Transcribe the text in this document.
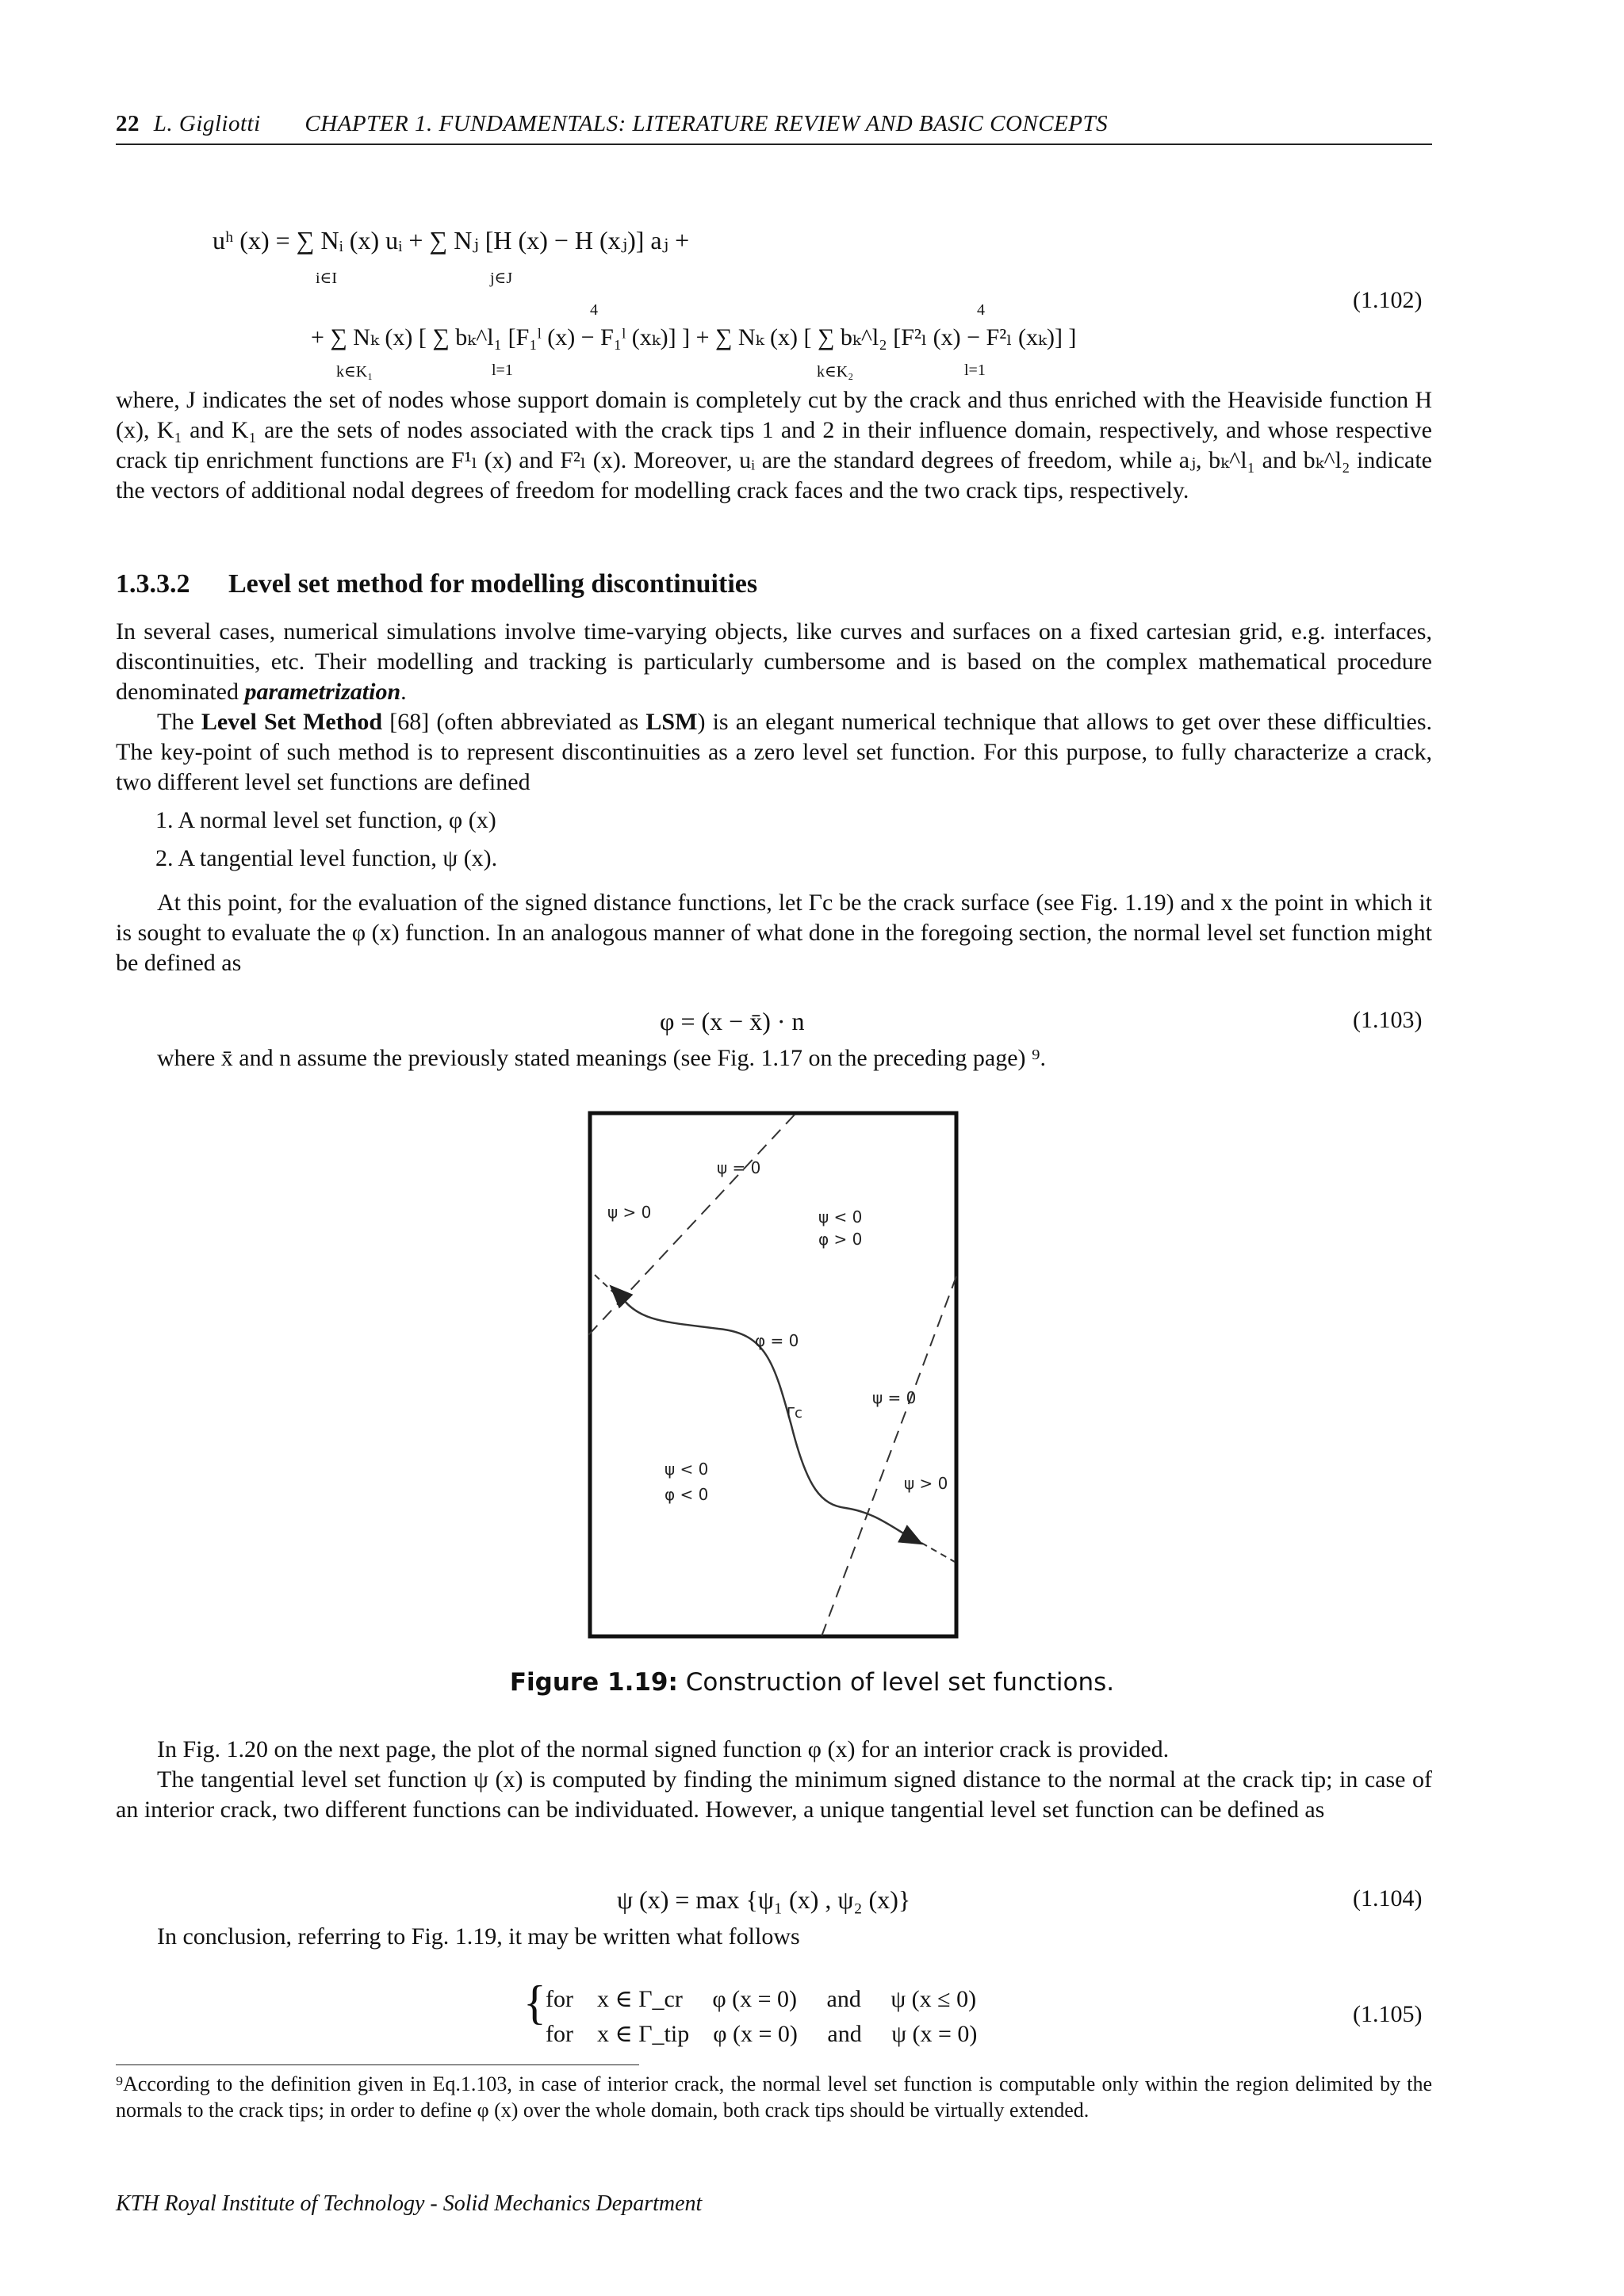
22 L. Gigliotti CHAPTER 1. FUNDAMENTALS: LITERATURE REVIEW AND BASIC CONCEPTS
uʰ (x) = ∑ Nᵢ (x) uᵢ + ∑ Nⱼ [H (x) − H (xⱼ)] aⱼ +
i∈I	j∈J
4	4
+ ∑ Nₖ (x) [ ∑ bₖ^l₁ [F₁ˡ (x) − F₁ˡ (xₖ)] ] + ∑ Nₖ (x) [ ∑ bₖ^l₂ [F²ₗ (x) − F²ₗ (xₖ)] ]
k∈K₁	l=1	k∈K₂	l=1
(1.102)
where, J indicates the set of nodes whose support domain is completely cut by the crack and thus enriched with the Heaviside function H (x), K₁ and K₁ are the sets of nodes associated with the crack tips 1 and 2 in their influence domain, respectively, and whose respective crack tip enrichment functions are F¹ₗ (x) and F²ₗ (x). Moreover, uᵢ are the standard degrees of freedom, while aⱼ, bₖ^l₁ and bₖ^l₂ indicate the vectors of additional nodal degrees of freedom for modelling crack faces and the two crack tips, respectively.
1.3.3.2 Level set method for modelling discontinuities
In several cases, numerical simulations involve time-varying objects, like curves and surfaces on a fixed cartesian grid, e.g. interfaces, discontinuities, etc. Their modelling and tracking is particularly cumbersome and is based on the complex mathematical procedure denominated parametrization.
The Level Set Method [68] (often abbreviated as LSM) is an elegant numerical technique that allows to get over these difficulties. The key-point of such method is to represent discontinuities as a zero level set function. For this purpose, to fully characterize a crack, two different level set functions are defined
1. A normal level set function, φ (x)
2. A tangential level function, ψ (x).
At this point, for the evaluation of the signed distance functions, let Γc be the crack surface (see Fig. 1.19) and x the point in which it is sought to evaluate the φ (x) function. In an analogous manner of what done in the foregoing section, the normal level set function might be defined as
φ = (x − x̄) · n	(1.103)
where x̄ and n assume the previously stated meanings (see Fig. 1.17 on the preceding page) ⁹.
ψ = 0
ψ > 0	ψ < 0
φ > 0
φ = 0
Γc
ψ = 0
ψ < 0
φ < 0
ψ > 0
Figure 1.19: Construction of level set functions.
In Fig. 1.20 on the next page, the plot of the normal signed function φ (x) for an interior crack is provided.
The tangential level set function ψ (x) is computed by finding the minimum signed distance to the normal at the crack tip; in case of an interior crack, two different functions can be individuated. However, a unique tangential level set function can be defined as
ψ (x) = max {ψ₁ (x) , ψ₂ (x)}	(1.104)
In conclusion, referring to Fig. 1.19, it may be written what follows
{ for    x ∈ Γ_cr     φ (x = 0)     and     ψ (x ≤ 0)
for    x ∈ Γ_tip    φ (x = 0)     and     ψ (x = 0)
(1.105)
⁹According to the definition given in Eq.1.103, in case of interior crack, the normal level set function is computable only within the region delimited by the normals to the crack tips; in order to define φ (x) over the whole domain, both crack tips should be virtually extended.
KTH Royal Institute of Technology - Solid Mechanics Department
